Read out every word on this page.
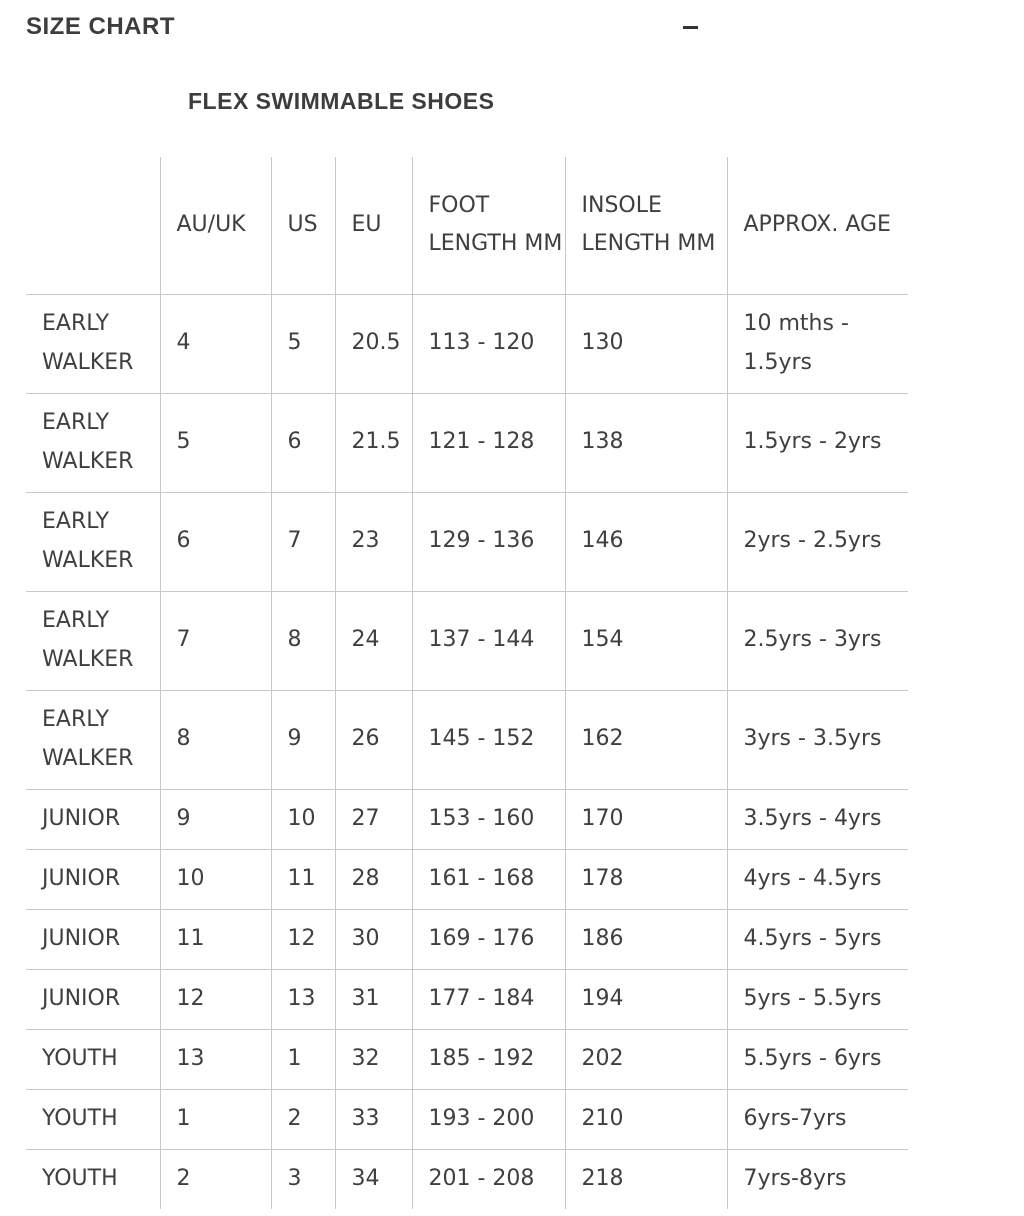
SIZE CHART
FLEX SWIMMABLE SHOES
	AU/UK	US	EU	FOOT LENGTH MM	INSOLE LENGTH MM	APPROX. AGE
EARLY WALKER	4	5	20.5	113 - 120	130	10 mths - 1.5yrs
EARLY WALKER	5	6	21.5	121 - 128	138	1.5yrs - 2yrs
EARLY WALKER	6	7	23	129 - 136	146	2yrs - 2.5yrs
EARLY WALKER	7	8	24	137 - 144	154	2.5yrs - 3yrs
EARLY WALKER	8	9	26	145 - 152	162	3yrs - 3.5yrs
JUNIOR	9	10	27	153 - 160	170	3.5yrs - 4yrs
JUNIOR	10	11	28	161 - 168	178	4yrs - 4.5yrs
JUNIOR	11	12	30	169 - 176	186	4.5yrs - 5yrs
JUNIOR	12	13	31	177 - 184	194	5yrs - 5.5yrs
YOUTH	13	1	32	185 - 192	202	5.5yrs - 6yrs
YOUTH	1	2	33	193 - 200	210	6yrs-7yrs
YOUTH	2	3	34	201 - 208	218	7yrs-8yrs
